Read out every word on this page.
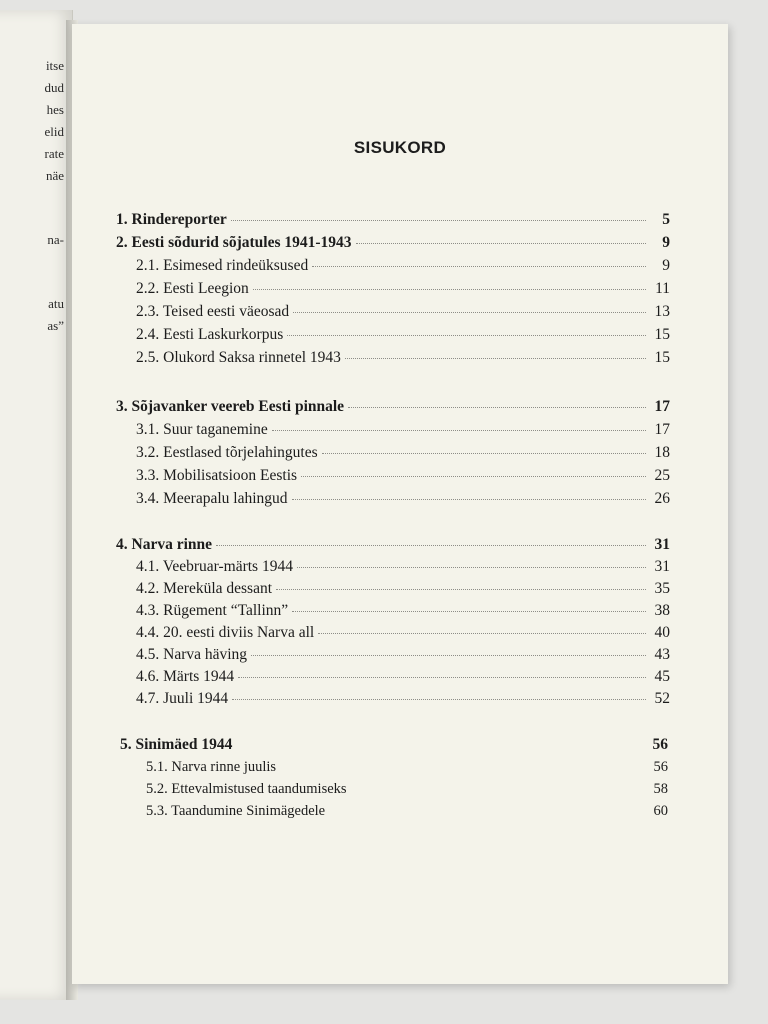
itse
dud
hes
elid
rate
näe
na-
atu
as”
SISUKORD
1. Rindereporter	5
2. Eesti sõdurid sõjatules 1941-1943	9
2.1. Esimesed rindeüksused	9
2.2. Eesti Leegion	11
2.3. Teised eesti väeosad	13
2.4. Eesti Laskurkorpus	15
2.5. Olukord Saksa rinnetel 1943	15
3. Sõjavanker veereb Eesti pinnale	17
3.1. Suur taganemine	17
3.2. Eestlased tõrjelahingutes	18
3.3. Mobilisatsioon Eestis	25
3.4. Meerapalu lahingud	26
4. Narva rinne	31
4.1. Veebruar-märts 1944	31
4.2. Mereküla dessant	35
4.3. Rügement “Tallinn”	38
4.4. 20. eesti diviis Narva all	40
4.5. Narva häving	43
4.6. Märts 1944	45
4.7. Juuli 1944	52
5. Sinimäed 1944	56
5.1. Narva rinne juulis	56
5.2. Ettevalmistused taandumiseks	58
5.3. Taandumine Sinimägedele	60
